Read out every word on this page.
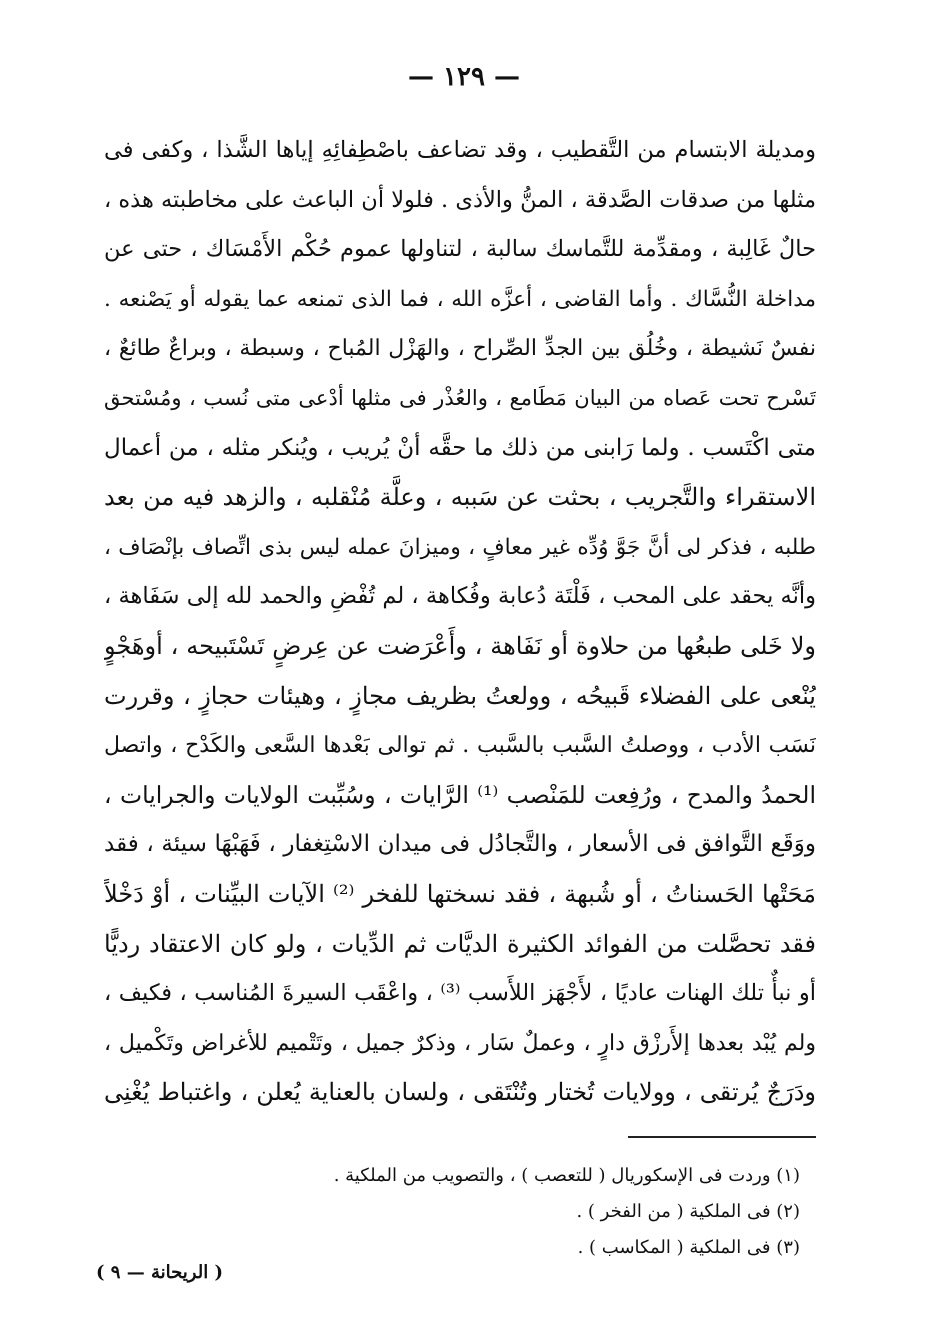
— ١٢٩ —
ومديلة الابتسام من التَّقطيب ، وقد تضاعف باصْطِفائِهِ إياها الشَّذا ، وكفى فى
مثلها من صدقات الصَّدقة ، المنُّ والأذى . فلولا أن الباعث على مخاطبته هذه ،
حالٌ غَالِبة ، ومقدِّمة للتَّماسك سالبة ، لتناولها عموم حُكْم الأَمْسَاك ، حتى عن
مداخلة النُّسَّاك . وأما القاضى ، أعزَّه الله ، فما الذى تمنعه عما يقوله أو يَصْنعه .
نفسٌ نَشيطة ، وخُلُق بين الجدِّ الصِّراح ، والهَزْل المُباح ، وسبطة ، وبراعٌ طائعٌ ،
تَسْرح تحت عَصاه من البيان مَطَامع ، والعُذْر فى مثلها أدْعى متى نُسب ، ومُسْتحق
متى اكْتَسب . ولما رَابنى من ذلك ما حقَّه أنْ يُريب ، ويُنكر مثله ، من أعمال
الاستقراء والتَّجريب ، بحثت عن سَببه ، وعلَّة مُنْقلبه ، والزهد فيه من بعد
طلبه ، فذكر لى أنَّ جَوَّ وُدِّه غير معافٍ ، وميزانَ عمله ليس بذى اتِّصاف بإنْصَاف ،
وأنَّه يحقد على المحب ، فَلْتَة دُعابة وفُكاهة ، لم تُفْضِ والحمد لله إلى سَفَاهة ،
ولا خَلى طبعُها من حلاوة أو نَفَاهة ، وأَعْرَضت عن عِرضٍ تَسْتَبيحه ، أوهَجْوٍ
يُنْعى على الفضلاء قَبيحُه ، وولعتُ بظريف مجازٍ ، وهيئات حجازٍ ، وقررت
نَسَب الأدب ، ووصلتُ السَّبب بالسَّبب . ثم توالى بَعْدها السَّعى والكَدْح ، واتصل
الحمدُ والمدح ، ورُفِعت للمَنْصب ⁽¹⁾ الرَّايات ، وسُبِّبت الولايات والجرايات ،
ووَقَع التَّوافق فى الأسعار ، والتَّجادُل فى ميدان الاسْتِغفار ، فَهَبْهَا سيئة ، فقد
مَحَتْها الحَسناتُ ، أو شُبهة ، فقد نسختها للفخر ⁽²⁾ الآيات البيِّنات ، أوْ دَخْلاً
فقد تحصَّلت من الفوائد الكثيرة الديَّات ثم الدِّيات ، ولو كان الاعتقاد رديًّا
أو نبأٌ تلك الهنات عاديًا ، لأَجْهَز اللأَسب ⁽³⁾ ، واعْقَب السيرةَ المُناسب ، فكيف ،
ولم يُبْد بعدها إلأَرزْق دارٍ ، وعملٌ سَار ، وذكرٌ جميل ، وتَتْميم للأغراض وتَكْميل ،
ودَرَجٌ يُرتقى ، وولايات تُختار وتُنْتَقى ، ولسان بالعناية يُعلن ، واغتباط يُغْنِى
(١) وردت فى الإسكوريال ( للتعصب ) ، والتصويب من الملكية .
(٢) فى الملكية ( من الفخر ) .
(٣) فى الملكية ( المكاسب ) .
( الريحانة — ٩ )
